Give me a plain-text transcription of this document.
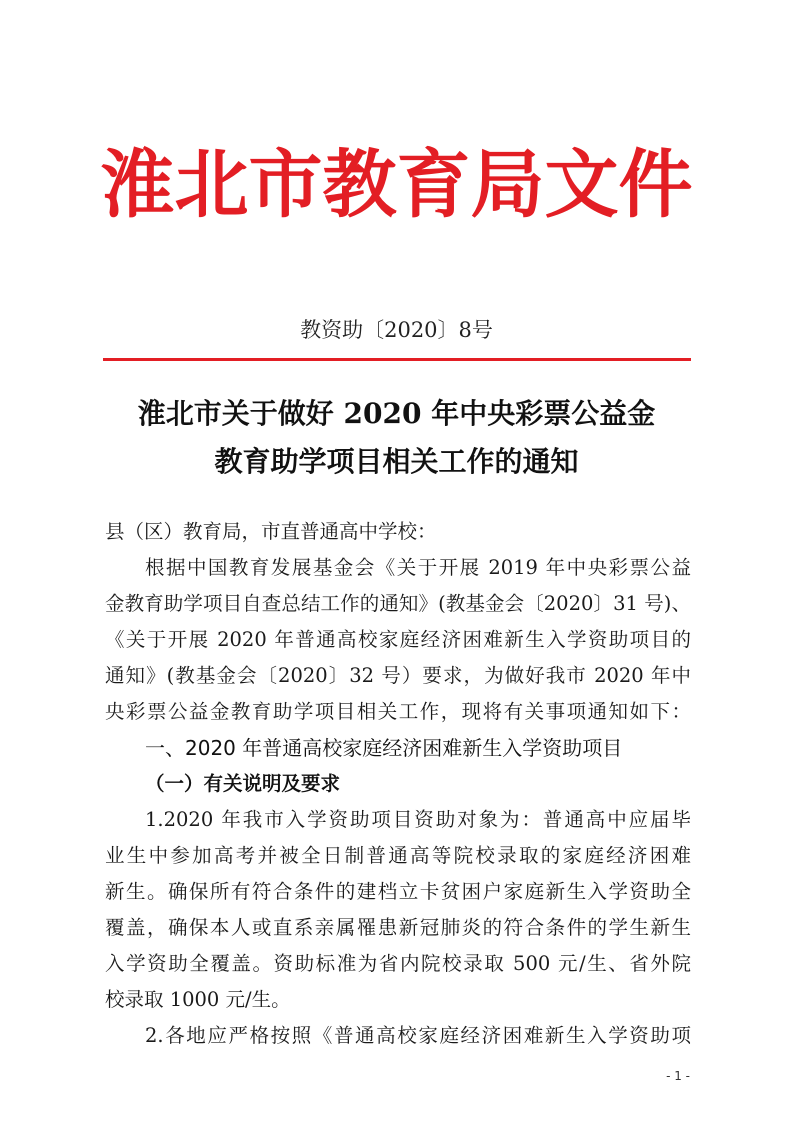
淮北市教育局文件
教资助〔2020〕8号
淮北市关于做好 2020 年中央彩票公益金
教育助学项目相关工作的通知
县（区）教育局，市直普通高中学校：
根据中国教育发展基金会《关于开展 2019 年中央彩票公益
金教育助学项目自查总结工作的通知》(教基金会〔2020〕31 号)、
《关于开展 2020 年普通高校家庭经济困难新生入学资助项目的
通知》(教基金会〔2020〕32 号）要求，为做好我市 2020 年中
央彩票公益金教育助学项目相关工作，现将有关事项通知如下：
一、2020 年普通高校家庭经济困难新生入学资助项目
（一）有关说明及要求
1.2020 年我市入学资助项目资助对象为：普通高中应届毕
业生中参加高考并被全日制普通高等院校录取的家庭经济困难
新生。确保所有符合条件的建档立卡贫困户家庭新生入学资助全
覆盖，确保本人或直系亲属罹患新冠肺炎的符合条件的学生新生
入学资助全覆盖。资助标准为省内院校录取 500 元/生、省外院
校录取 1000 元/生。
2.各地应严格按照《普通高校家庭经济困难新生入学资助项
- 1 -
